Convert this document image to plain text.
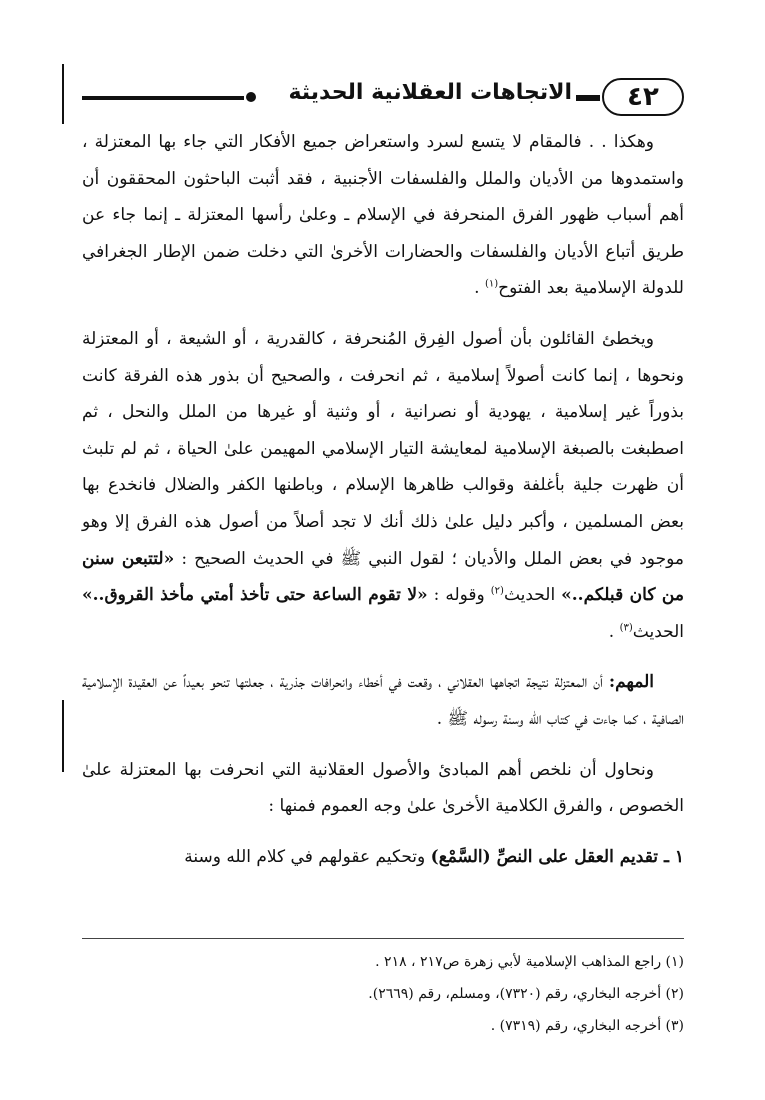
٤٢
الاتجاهات العقلانية الحديثة

وهكذا . . فالمقام لا يتسع لسرد واستعراض جميع الأفكار التي جاء بها المعتزلة ، واستمدوها من الأديان والملل والفلسفات الأجنبية ، فقد أثبت الباحثون المحققون أن أهم أسباب ظهور الفرق المنحرفة في الإسلام ـ وعلىٰ رأسها المعتزلة ـ إنما جاء عن طريق أتباع الأديان والفلسفات والحضارات الأخرىٰ التي دخلت ضمن الإطار الجغرافي للدولة الإسلامية بعد الفتوح$^{(١)}$ .

ويخطئ القائلون بأن أصول الفِرق المُنحرفة ، كالقدرية ، أو الشيعة ، أو المعتزلة ونحوها ، إنما كانت أصولاً إسلامية ، ثم انحرفت ، والصحيح أن بذور هذه الفرقة كانت بذوراً غير إسلامية ، يهودية أو نصرانية ، أو وثنية أو غيرها من الملل والنحل ، ثم اصطبغت بالصبغة الإسلامية لمعايشة التيار الإسلامي المهيمن علىٰ الحياة ، ثم لم تلبث أن ظهرت جلية بأغلفة وقوالب ظاهرها الإسلام ، وباطنها الكفر والضلال فانخدع بها بعض المسلمين ، وأكبر دليل علىٰ ذلك أنك لا تجد أصلاً من أصول هذه الفرق إلا وهو موجود في بعض الملل والأديان ؛ لقول النبي ﷺ في الحديث الصحيح : «لتتبعن سنن من كان قبلكم..» الحديث$^{(٢)}$ وقوله : «لا تقوم الساعة حتى تأخذ أمتي مأخذ القروق..» الحديث$^{(٣)}$ .

المهم: أن المعتزلة نتيجة اتجاهها العقلاني ، وقعت في أخطاء وانحرافات جذرية ، جعلتها تنحو بعيداً عن العقيدة الإسلامية الصافية ، كما جاءت في كتاب الله وسنة رسوله ﷺ .

ونحاول أن نلخص أهم المبادئ والأصول العقلانية التي انحرفت بها المعتزلة علىٰ الخصوص ، والفرق الكلامية الأخرىٰ علىٰ وجه العموم فمنها :

١ ـ تقديم العقل على النصِّ (السَّمْع) وتحكيم عقولهم في كلام الله وسنة

(١) راجع المذاهب الإسلامية لأبي زهرة ص٢١٧ ، ٢١٨ .

(٢) أخرجه البخاري، رقم (٧٣٢٠)، ومسلم، رقم (٢٦٦٩).

(٣) أخرجه البخاري، رقم (٧٣١٩) .
